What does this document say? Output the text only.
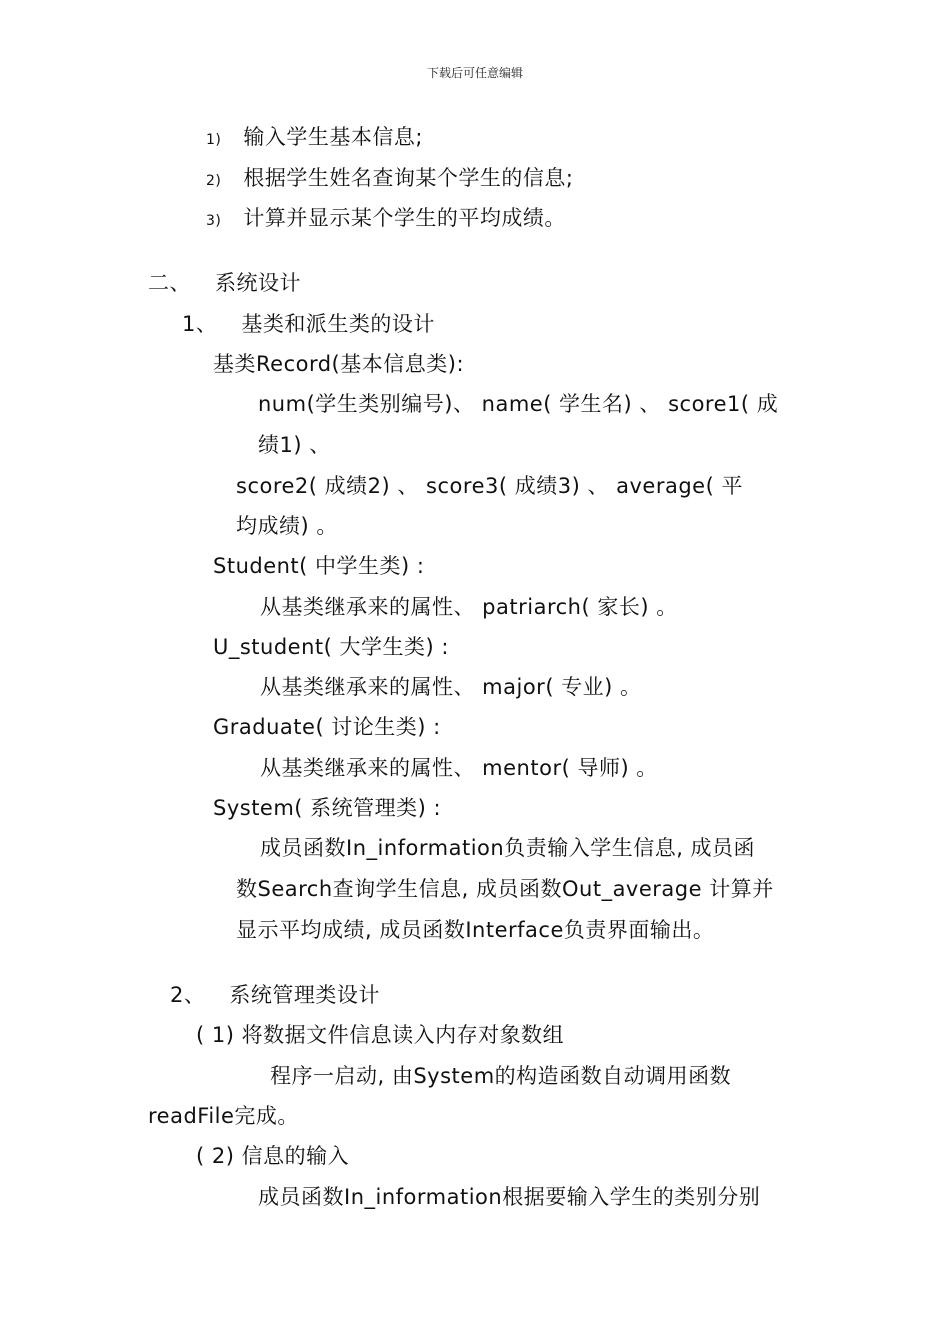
下载后可任意编辑
1) 输入学生基本信息;
2) 根据学生姓名查询某个学生的信息;
3) 计算并显示某个学生的平均成绩。
二、 系统设计
1、 基类和派生类的设计
基类Record(基本信息类):
num(学生类别编号)、 name( 学生名) 、 score1( 成
绩1) 、
score2( 成绩2) 、 score3( 成绩3) 、 average( 平
均成绩) 。
Student( 中学生类) :
从基类继承来的属性、 patriarch( 家长) 。
U_student( 大学生类) :
从基类继承来的属性、 major( 专业) 。
Graduate( 讨论生类) :
从基类继承来的属性、 mentor( 导师) 。
System( 系统管理类) :
成员函数In_information负责输入学生信息, 成员函
数Search查询学生信息, 成员函数Out_average 计算并
显示平均成绩, 成员函数Interface负责界面输出。
2、 系统管理类设计
( 1) 将数据文件信息读入内存对象数组
程序一启动, 由System的构造函数自动调用函数
readFile完成。
( 2) 信息的输入
成员函数In_information根据要输入学生的类别分别
